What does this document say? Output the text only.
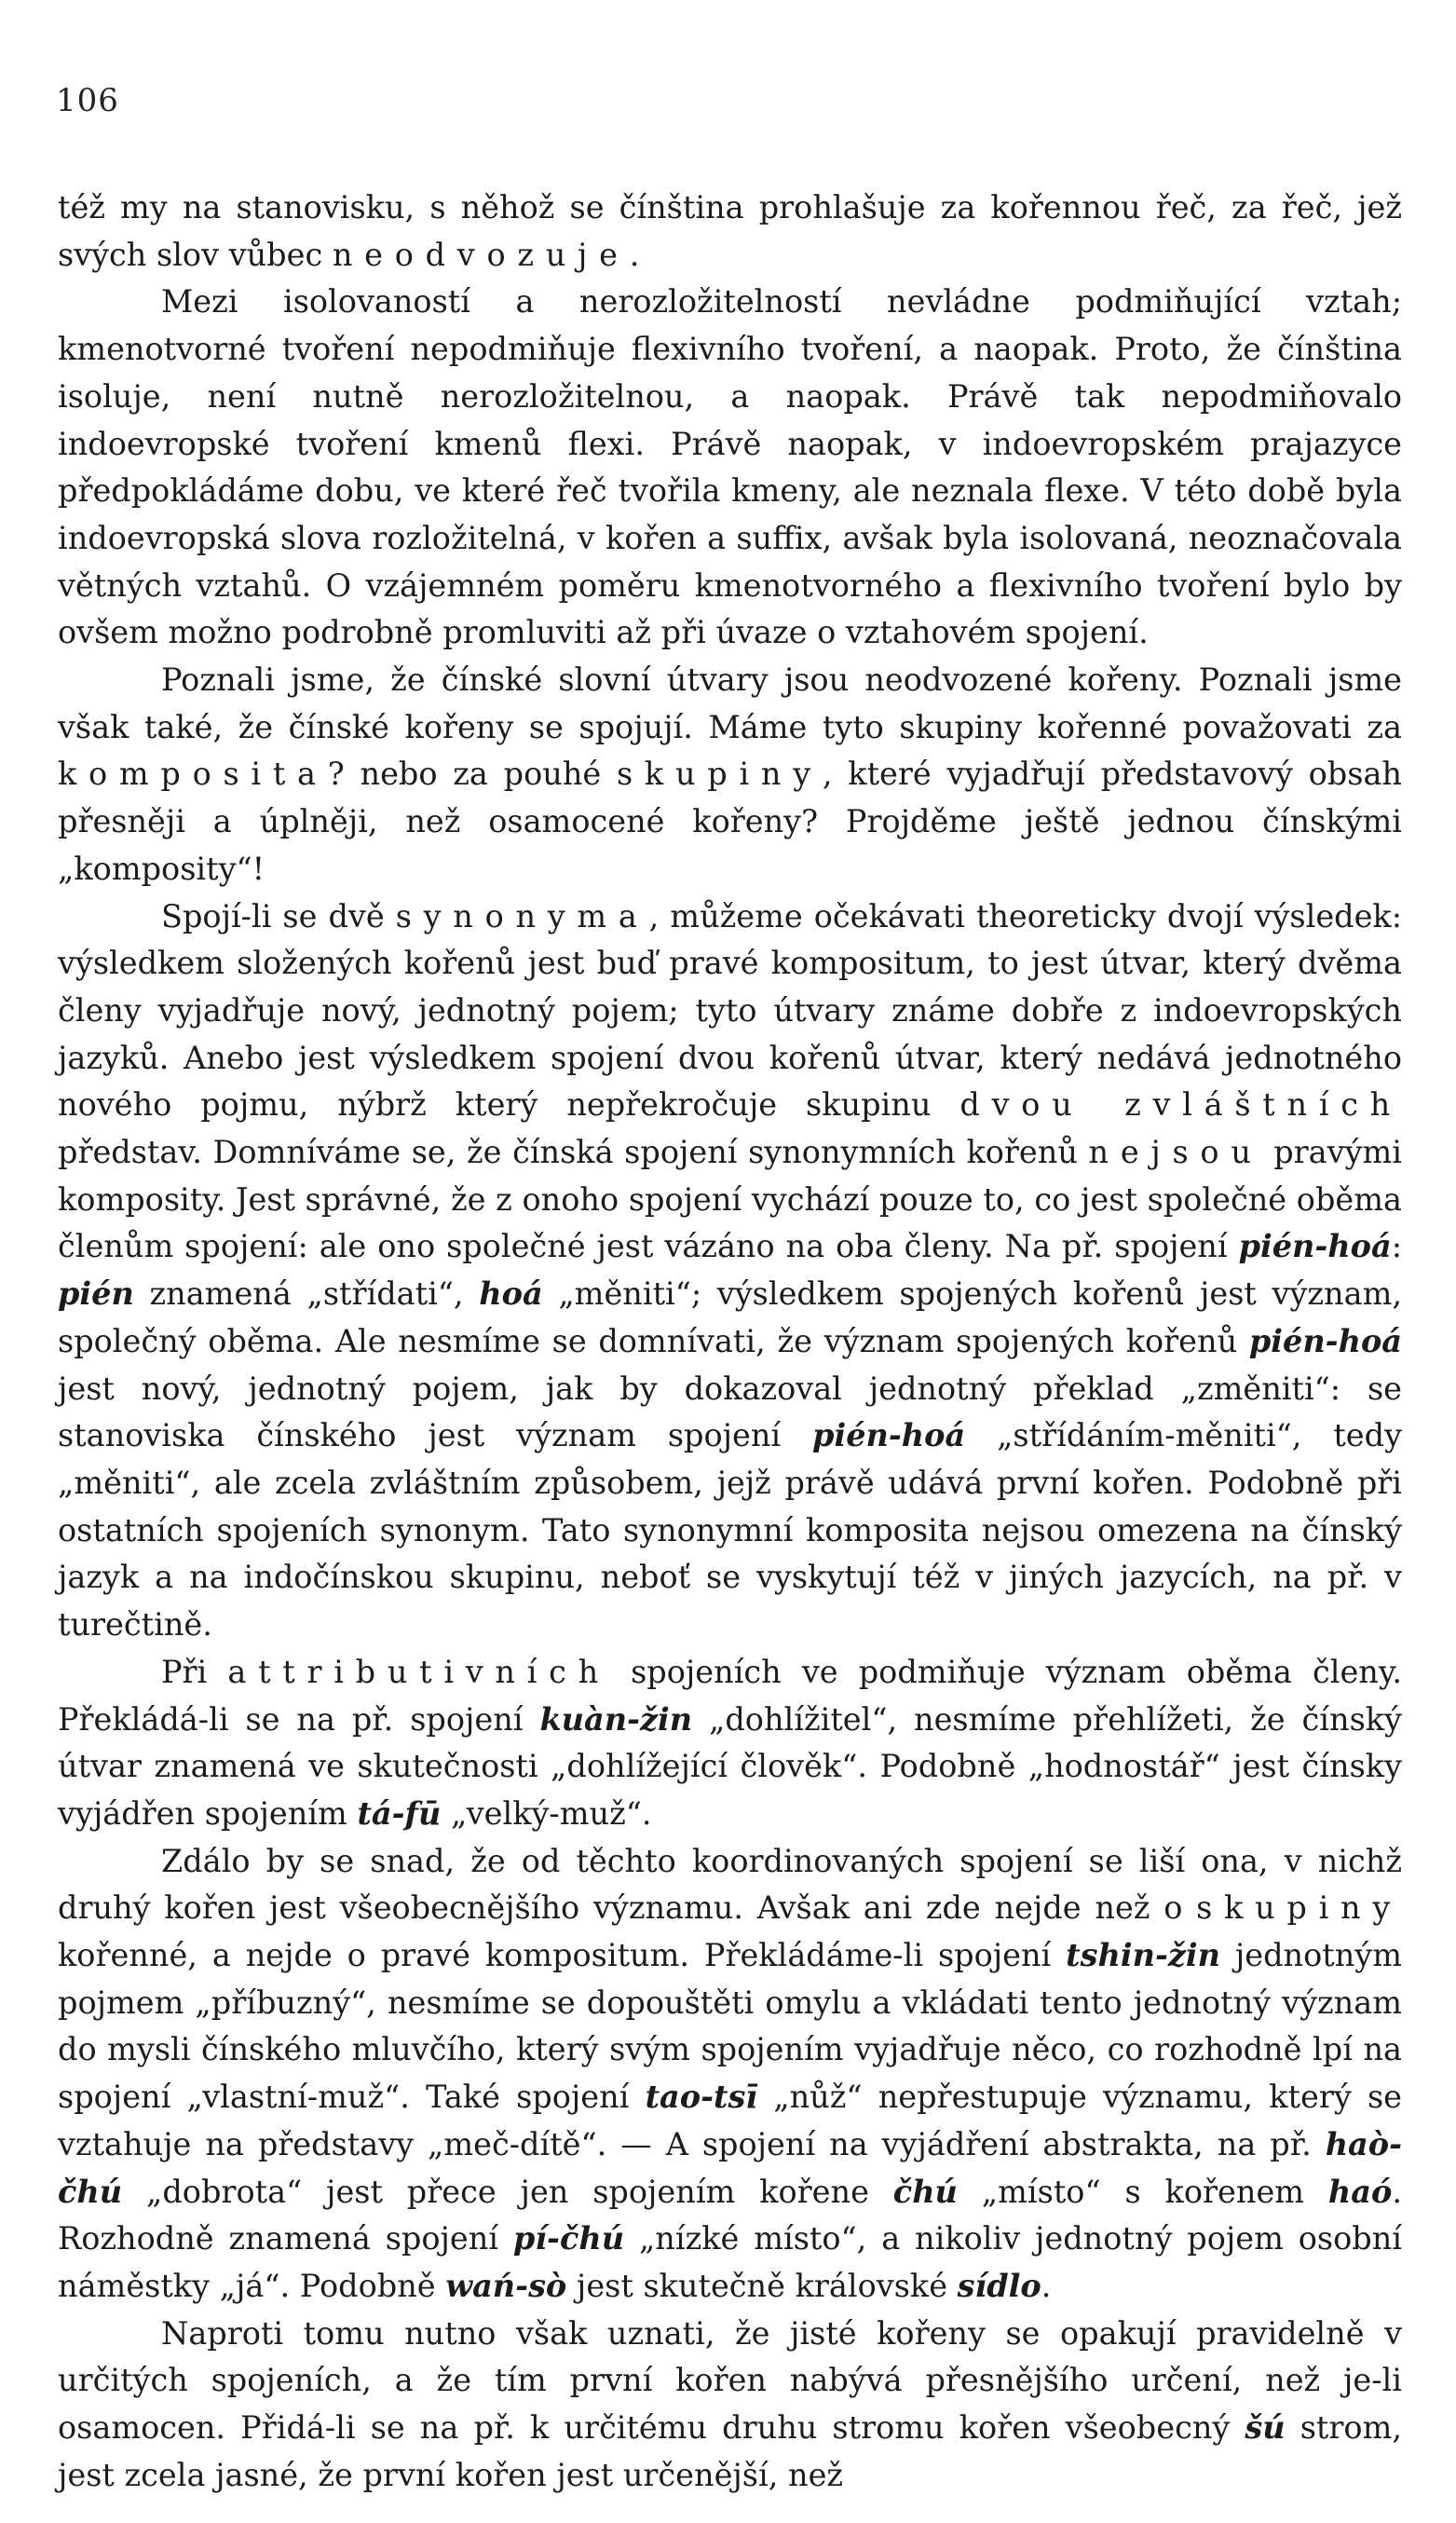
106

též my na stanovisku, s něhož se čínština prohlašuje za kořennou řeč, za řeč, jež svých slov vůbec neodvozuje.

Mezi isolovaností a nerozložitelností nevládne podmiňující vztah; kmenotvorné tvoření nepodmiňuje flexivního tvoření, a naopak. Proto, že čínština isoluje, není nutně nerozložitelnou, a naopak. Právě tak nepodmiňovalo indoevropské tvoření kmenů flexi. Právě naopak, v indoevropském prajazyce předpokládáme dobu, ve které řeč tvořila kmeny, ale neznala flexe. V této době byla indoevropská slova rozložitelná, v kořen a suffix, avšak byla isolovaná, neoznačovala větných vztahů. O vzájemném poměru kmenotvorného a flexivního tvoření bylo by ovšem možno podrobně promluviti až při úvaze o vztahovém spojení.

Poznali jsme, že čínské slovní útvary jsou neodvozené kořeny. Poznali jsme však také, že čínské kořeny se spojují. Máme tyto skupiny kořenné považovati za komposita? nebo za pouhé skupiny, které vyjadřují představový obsah přesněji a úplněji, než osamocené kořeny? Projděme ještě jednou čínskými „komposity“!

Spojí-li se dvě synonyma, můžeme očekávati theoreticky dvojí výsledek: výsledkem složených kořenů jest buď pravé kompositum, to jest útvar, který dvěma členy vyjadřuje nový, jednotný pojem; tyto útvary známe dobře z indoevropských jazyků. Anebo jest výsledkem spojení dvou kořenů útvar, který nedává jednotného nového pojmu, nýbrž který nepřekročuje skupinu dvou zvláštních představ. Domníváme se, že čínská spojení synonymních kořenů nejsou pravými komposity. Jest správné, že z onoho spojení vychází pouze to, co jest společné oběma členům spojení: ale ono společné jest vázáno na oba členy. Na př. spojení pién-hoá: pién znamená „střídati“, hoá „měniti“; výsledkem spojených kořenů jest význam, společný oběma. Ale nesmíme se domnívati, že význam spojených kořenů pién-hoá jest nový, jednotný pojem, jak by dokazoval jednotný překlad „změniti“: se stanoviska čínského jest význam spojení pién-hoá „střídáním-měniti“, tedy „měniti“, ale zcela zvláštním způsobem, jejž právě udává první kořen. Podobně při ostatních spojeních synonym. Tato synonymní komposita nejsou omezena na čínský jazyk a na indočínskou skupinu, neboť se vyskytují též v jiných jazycích, na př. v turečtině.

Při attributivních spojeních ve podmiňuje význam oběma členy. Překládá-li se na př. spojení kuàn-žin „dohlížitel“, nesmíme přehlížeti, že čínský útvar znamená ve skutečnosti „dohlížející člověk“. Podobně „hodnostář“ jest čínsky vyjádřen spojením tá-fū „velký-muž“.

Zdálo by se snad, že od těchto koordinovaných spojení se liší ona, v nichž druhý kořen jest všeobecnějšího významu. Avšak ani zde nejde než o skupiny kořenné, a nejde o pravé kompositum. Překládáme-li spojení tshin-žin jednotným pojmem „příbuzný“, nesmíme se dopouštěti omylu a vkládati tento jednotný význam do mysli čínského mluvčího, který svým spojením vyjadřuje něco, co rozhodně lpí na spojení „vlastní-muž“. Také spojení tao-tsī „nůž“ nepřestupuje významu, který se vztahuje na představy „meč-dítě“. — A spojení na vyjádření abstrakta, na př. haò-čhú „dobrota“ jest přece jen spojením kořene čhú „místo“ s kořenem haó. Rozhodně znamená spojení pí-čhú „nízké místo“, a nikoliv jednotný pojem osobní náměstky „já“. Podobně wań-sò jest skutečně královské sídlo.

Naproti tomu nutno však uznati, že jisté kořeny se opakují pravidelně v určitých spojeních, a že tím první kořen nabývá přesnějšího určení, než je-li osamocen. Přidá-li se na př. k určitému druhu stromu kořen všeobecný šú strom, jest zcela jasné, že první kořen jest určenější, než
